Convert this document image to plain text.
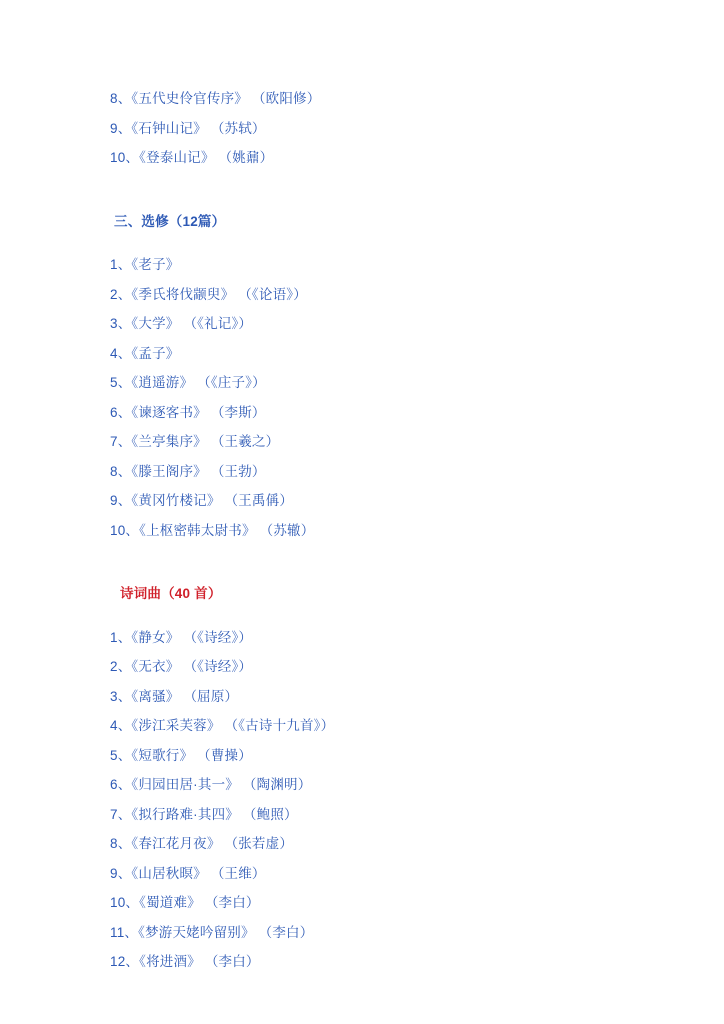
8、《五代史伶官传序》 （欧阳修）
9、《石钟山记》 （苏轼）
10、《登泰山记》 （姚鼐）
三、选修（12篇）
1、《老子》
2、《季氏将伐颛臾》 （《论语》）
3、《大学》 （《礼记》）
4、《孟子》
5、《逍遥游》 （《庄子》）
6、《谏逐客书》 （李斯）
7、《兰亭集序》 （王羲之）
8、《滕王阁序》 （王勃）
9、《黄冈竹楼记》 （王禹偁）
10、《上枢密韩太尉书》 （苏辙）
诗词曲（40 首）
1、《静女》 （《诗经》）
2、《无衣》 （《诗经》）
3、《离骚》 （屈原）
4、《涉江采芙蓉》 （《古诗十九首》）
5、《短歌行》 （曹操）
6、《归园田居·其一》 （陶渊明）
7、《拟行路难·其四》 （鲍照）
8、《春江花月夜》 （张若虚）
9、《山居秋暝》 （王维）
10、《蜀道难》 （李白）
11、《梦游天姥吟留别》 （李白）
12、《将进酒》 （李白）
